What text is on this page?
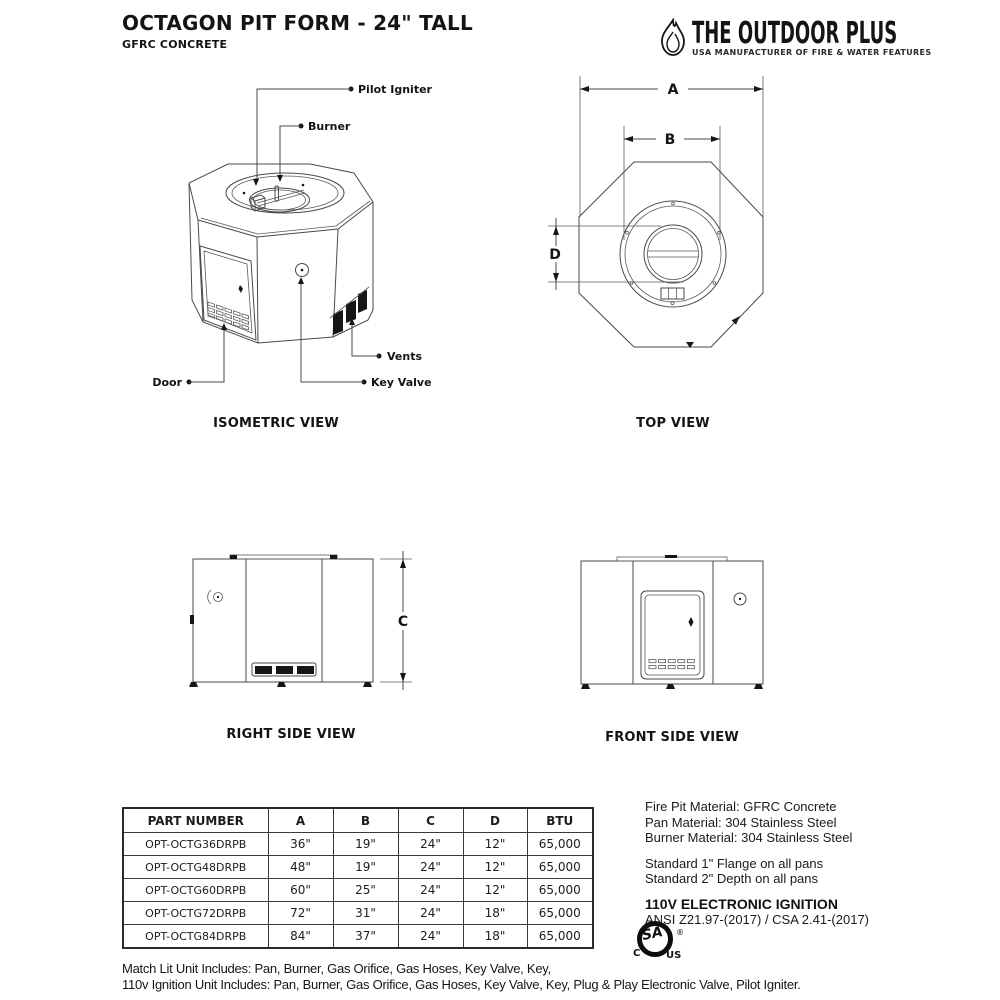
OCTAGON PIT FORM - 24" TALL
GFRC CONCRETE	THE OUTDOOR PLUS
USA MANUFACTURER OF FIRE & WATER FEATURES
Pilot Igniter
Burner
Door
Vents
Key Valve
ISOMETRIC VIEW
A
B
D
TOP VIEW
C
RIGHT SIDE VIEW	FRONT SIDE VIEW
PART NUMBER	A	B	C	D	BTU
OPT-OCTG36DRPB	36"	19"	24"	12"	65,000
OPT-OCTG48DRPB	48"	19"	24"	12"	65,000
OPT-OCTG60DRPB	60"	25"	24"	12"	65,000
OPT-OCTG72DRPB	72"	31"	24"	18"	65,000
OPT-OCTG84DRPB	84"	37"	24"	18"	65,000
Fire Pit Material: GFRC Concrete
Pan Material: 304 Stainless Steel
Burner Material: 304 Stainless Steel
Standard 1" Flange on all pans
Standard 2" Depth on all pans
110V ELECTRONIC IGNITION
ANSI Z21.97-(2017) / CSA 2.41-(2017)
SA ®
C	US
Match Lit Unit Includes: Pan, Burner, Gas Orifice, Gas Hoses, Key Valve, Key,
110v Ignition Unit Includes: Pan, Burner, Gas Orifice, Gas Hoses, Key Valve, Key, Plug & Play Electronic Valve, Pilot Igniter.
